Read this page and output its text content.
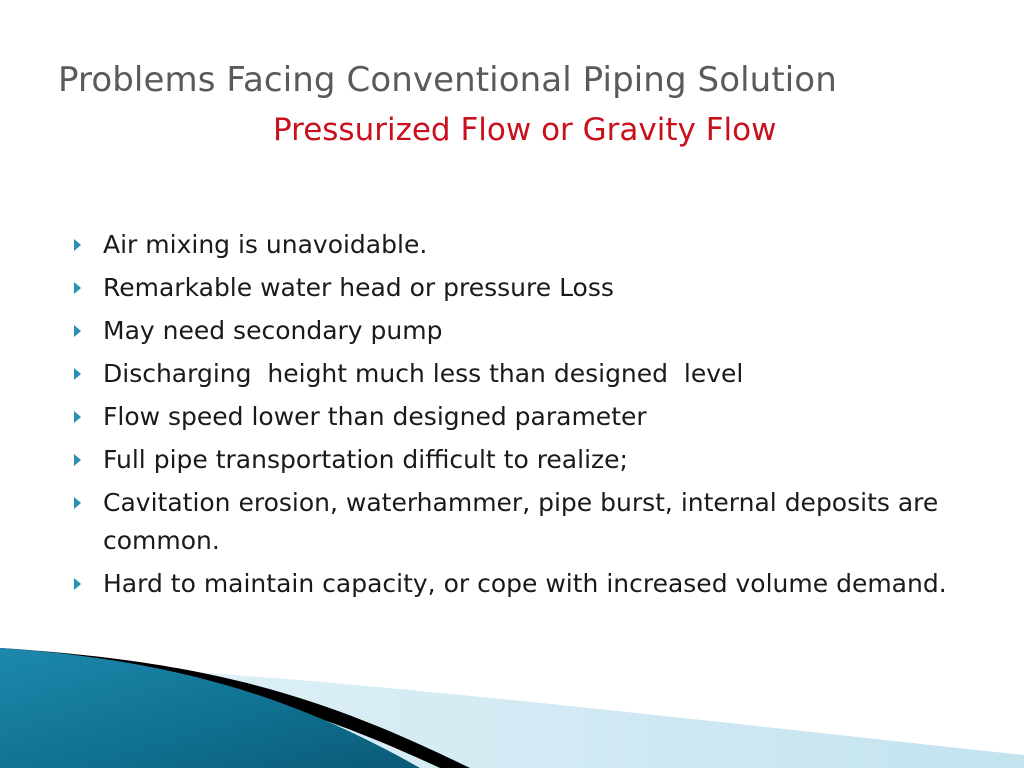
Problems Facing Conventional Piping Solution
Pressurized Flow or Gravity Flow
Air mixing is unavoidable.
Remarkable water head or pressure Loss
May need secondary pump
Discharging  height much less than designed  level
Flow speed lower than designed parameter
Full pipe transportation difficult to realize;
Cavitation erosion, waterhammer, pipe burst, internal deposits are common.
Hard to maintain capacity, or cope with increased volume demand.
